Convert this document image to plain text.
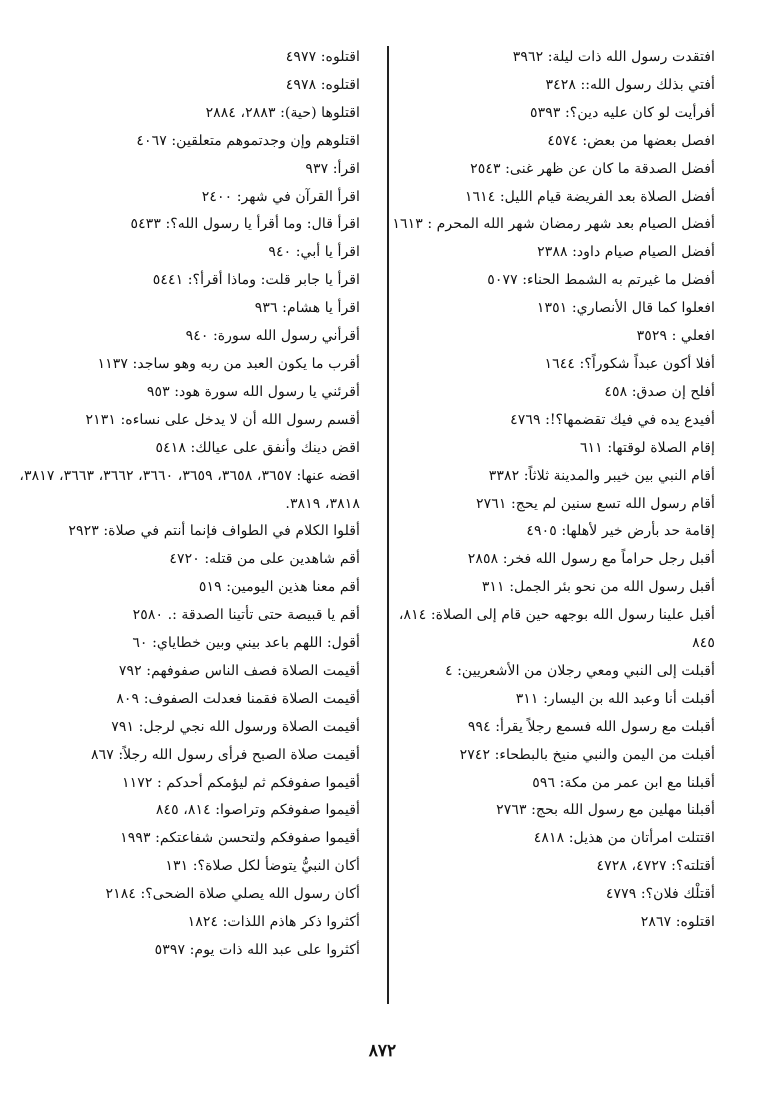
افتقدت رسول الله ذات ليلة: ٣٩٦٢

أفتي بذلك رسول الله:: ٣٤٢٨

أفرأيت لو كان عليه دين؟: ٥٣٩٣

افصل بعضها من بعض: ٤٥٧٤

أفضل الصدقة ما كان عن ظهر غنى: ٢٥٤٣

أفضل الصلاة بعد الفريضة قيام الليل: ١٦١٤

أفضل الصيام بعد شهر رمضان شهر الله المحرم : ١٦١٣

أفضل الصيام صيام داود: ٢٣٨٨

أفضل ما غيرتم به الشمط الحناء: ٥٠٧٧

افعلوا كما قال الأنصاري: ١٣٥١

افعلي : ٣٥٢٩

أفلا أكون عبداً شكوراً؟: ١٦٤٤

أفلح إن صدق: ٤٥٨

أفيدع يده في فيك تقضمها؟!: ٤٧٦٩

إقام الصلاة لوقتها: ٦١١

أقام النبي بين خيبر والمدينة ثلاثاً: ٣٣٨٢

أقام رسول الله تسع سنين لم يحج: ٢٧٦١

إقامة حد بأرض خير لأهلها: ٤٩٠٥

أقبل رجل حراماً مع رسول الله فخر: ٢٨٥٨

أقبل رسول الله من نحو بئر الجمل: ٣١١

أقبل علينا رسول الله بوجهه حين قام إلى الصلاة: ٨١٤، ٨٤٥

أقبلت إلى النبي ومعي رجلان من الأشعريين: ٤

أقبلت أنا وعبد الله بن اليسار: ٣١١

أقبلت مع رسول الله فسمع رجلاً يقرأ: ٩٩٤

أقبلت من اليمن والنبي منيخ بالبطحاء: ٢٧٤٢

أقبلنا مع ابن عمر من مكة: ٥٩٦

أقبلنا مهلين مع رسول الله بحج: ٢٧٦٣

اقتتلت امرأتان من هذيل: ٤٨١٨

أقتلته؟: ٤٧٢٧، ٤٧٢٨

أقتلْك فلان؟: ٤٧٧٩

اقتلوه: ٢٨٦٧

اقتلوه: ٤٩٧٧

اقتلوه: ٤٩٧٨

اقتلوها (حية): ٢٨٨٣، ٢٨٨٤

اقتلوهم وإن وجدتموهم متعلقين: ٤٠٦٧

اقرأ: ٩٣٧

اقرأ القرآن في شهر: ٢٤٠٠

اقرأ قال: وما أقرأ يا رسول الله؟: ٥٤٣٣

اقرأ يا أبي: ٩٤٠

اقرأ يا جابر قلت: وماذا أقرأ؟: ٥٤٤١

اقرأ يا هشام: ٩٣٦

أقرأني رسول الله سورة: ٩٤٠

أقرب ما يكون العبد من ربه وهو ساجد: ١١٣٧

أقرئني يا رسول الله سورة هود: ٩٥٣

أقسم رسول الله أن لا يدخل على نساءه: ٢١٣١

اقض دينك وأنفق على عيالك: ٥٤١٨

اقضه عنها: ٣٦٥٧، ٣٦٥٨، ٣٦٥٩، ٣٦٦٠، ٣٦٦٢، ٣٦٦٣، ٣٨١٧، ٣٨١٨، ٣٨١٩.

أقلوا الكلام في الطواف فإنما أنتم في صلاة: ٢٩٢٣

أقم شاهدين على من قتله: ٤٧٢٠

أقم معنا هذين اليومين: ٥١٩

أقم يا قبيصة حتى تأتينا الصدقة :. ٢٥٨٠

أقول: اللهم باعد بيني وبين خطاياي: ٦٠

أقيمت الصلاة فصف الناس صفوفهم: ٧٩٢

أقيمت الصلاة فقمنا فعدلت الصفوف: ٨٠٩

أقيمت الصلاة ورسول الله نجي لرجل: ٧٩١

أقيمت صلاة الصبح فرأى رسول الله رجلاً: ٨٦٧

أقيموا صفوفكم ثم ليؤمكم أحدكم : ١١٧٢

أقيموا صفوفكم وتراصوا: ٨١٤، ٨٤٥

أقيموا صفوفكم ولتحسن شفاعتكم: ١٩٩٣

أكان النبيُّ يتوضأ لكل صلاة؟: ١٣١

أكان رسول الله يصلي صلاة الضحى؟: ٢١٨٤

أكثروا ذكر هاذم اللذات: ١٨٢٤

أكثروا على عبد الله ذات يوم: ٥٣٩٧

٨٧٢
